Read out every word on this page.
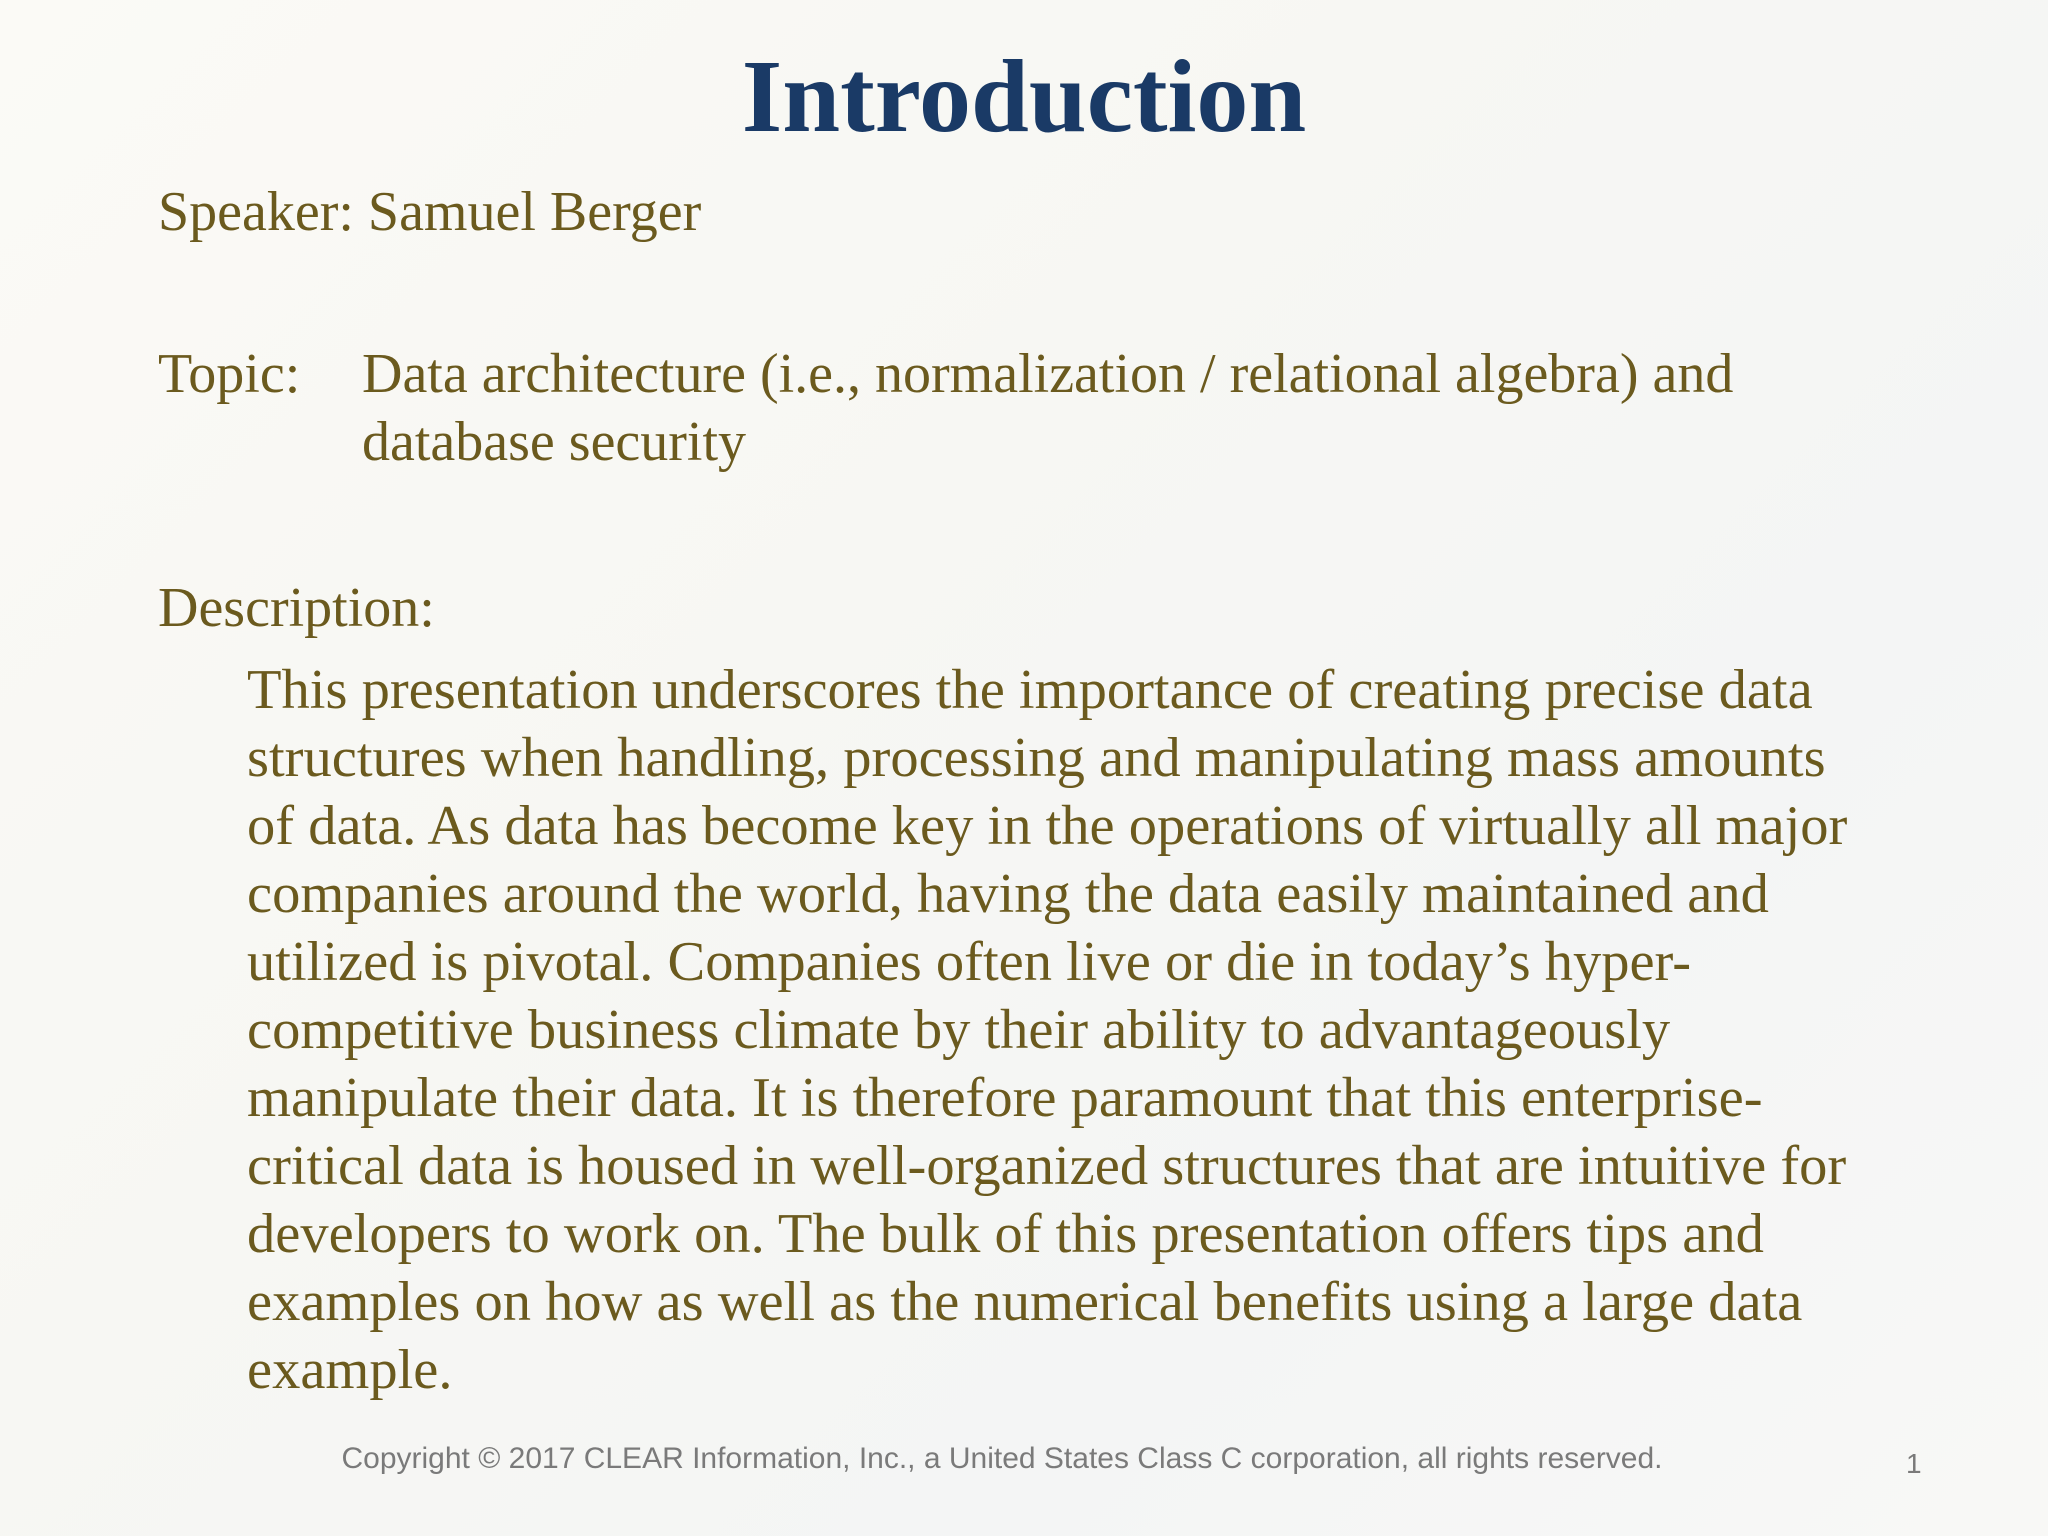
Introduction
Speaker: Samuel Berger
Topic: Data architecture (i.e., normalization / relational algebra) and
database security
Description:
This presentation underscores the importance of creating precise data
structures when handling, processing and manipulating mass amounts
of data. As data has become key in the operations of virtually all major
companies around the world, having the data easily maintained and
utilized is pivotal. Companies often live or die in today’s hyper-
competitive business climate by their ability to advantageously
manipulate their data. It is therefore paramount that this enterprise-
critical data is housed in well-organized structures that are intuitive for
developers to work on. The bulk of this presentation offers tips and
examples on how as well as the numerical benefits using a large data
example.
Copyright © 2017 CLEAR Information, Inc., a United States Class C corporation, all rights reserved.	1
